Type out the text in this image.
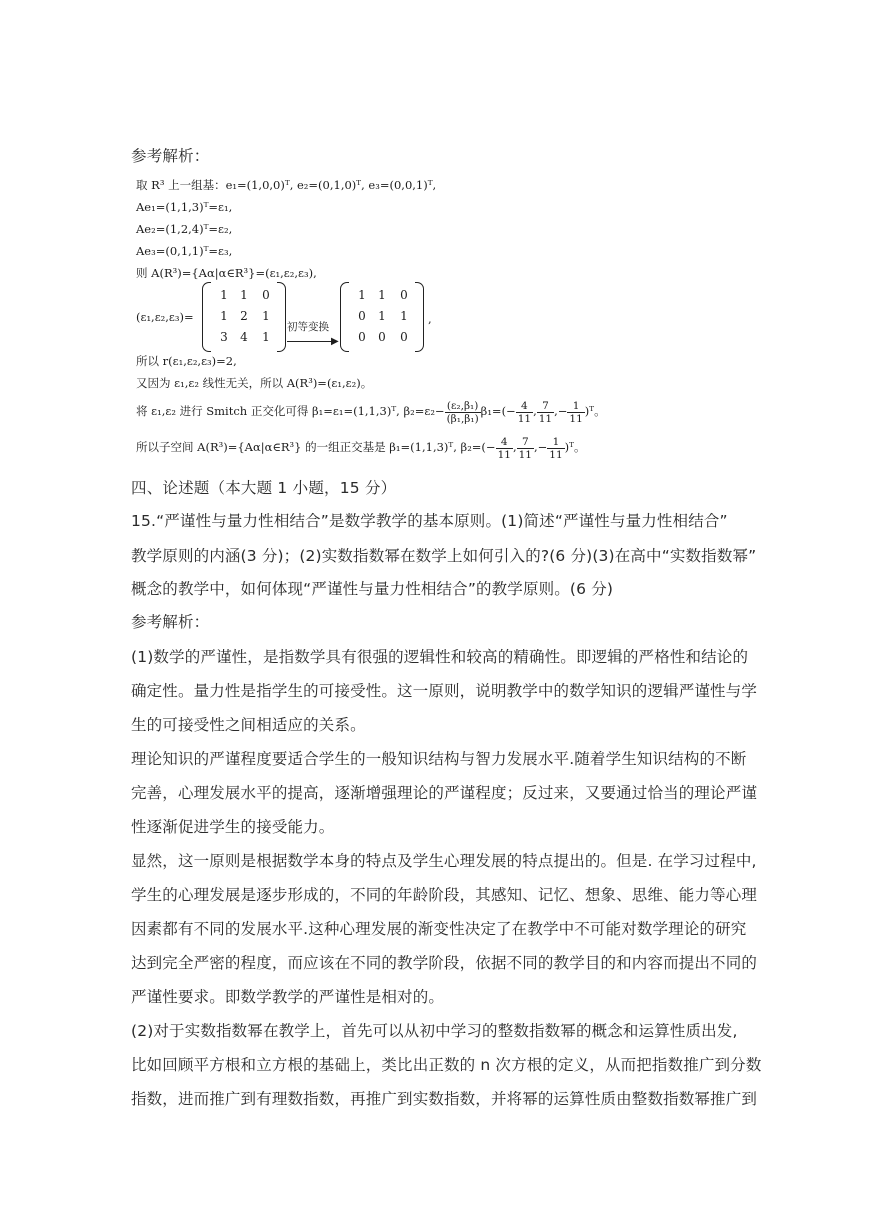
参考解析：
取 R³ 上一组基：e₁=(1,0,0)ᵀ, e₂=(0,1,0)ᵀ, e₃=(0,0,1)ᵀ,
Ae₁=(1,1,3)ᵀ=ε₁,
Ae₂=(1,2,4)ᵀ=ε₂,
Ae₃=(0,1,1)ᵀ=ε₃,
则 A(R³)={Aα|α∈R³}=(ε₁,ε₂,ε₃),
(ε₁,ε₂,ε₃)=
1	1	0
1	2	1
3	4	1
初等变换
▶
1	1	0
0	1	1
0	0	0
,
所以 r(ε₁,ε₂,ε₃)=2,
又因为 ε₁,ε₂ 线性无关，所以 A(R³)=(ε₁,ε₂)。
将 ε₁,ε₂ 进行 Smitch 正交化可得 β₁=ε₁=(1,1,3)ᵀ, $\beta_2=\varepsilon_2- \frac{\text{(ε₂,β₁)}}{\text{(β₁,β₁)}} \beta_1=(- \frac{4}{11}$ , $\frac{7}{11}$ ,− $\frac{1}{11}$ )ᵀ。
所以子空间 A(R³)={Aα|α∈R³} 的一组正交基是 β₁=(1,1,3)ᵀ, $\beta_2=(- \frac{4}{11}$ , $\frac{7}{11}$ ,− $\frac{1}{11}$ )ᵀ。
四、论述题（本大题 1 小题，15 分）
15.“严谨性与量力性相结合”是数学教学的基本原则。(1)简述“严谨性与量力性相结合”
教学原则的内涵(3 分)；(2)实数指数幂在数学上如何引入的?(6 分)(3)在高中“实数指数幂”
概念的教学中，如何体现“严谨性与量力性相结合”的教学原则。(6 分)
参考解析：
(1)数学的严谨性，是指数学具有很强的逻辑性和较高的精确性。即逻辑的严格性和结论的
确定性。量力性是指学生的可接受性。这一原则，说明教学中的数学知识的逻辑严谨性与学
生的可接受性之间相适应的关系。
理论知识的严谨程度要适合学生的一般知识结构与智力发展水平.随着学生知识结构的不断
完善，心理发展水平的提高，逐渐增强理论的严谨程度；反过来，又要通过恰当的理论严谨
性逐渐促进学生的接受能力。
显然，这一原则是根据数学本身的特点及学生心理发展的特点提出的。但是. 在学习过程中,
学生的心理发展是逐步形成的，不同的年龄阶段，其感知、记忆、想象、思维、能力等心理
因素都有不同的发展水平.这种心理发展的渐变性决定了在教学中不可能对数学理论的研究
达到完全严密的程度，而应该在不同的教学阶段，依据不同的教学目的和内容而提出不同的
严谨性要求。即数学教学的严谨性是相对的。
(2)对于实数指数幂在教学上，首先可以从初中学习的整数指数幂的概念和运算性质出发,
比如回顾平方根和立方根的基础上，类比出正数的 n 次方根的定义，从而把指数推广到分数
指数，进而推广到有理数指数，再推广到实数指数，并将幂的运算性质由整数指数幂推广到
